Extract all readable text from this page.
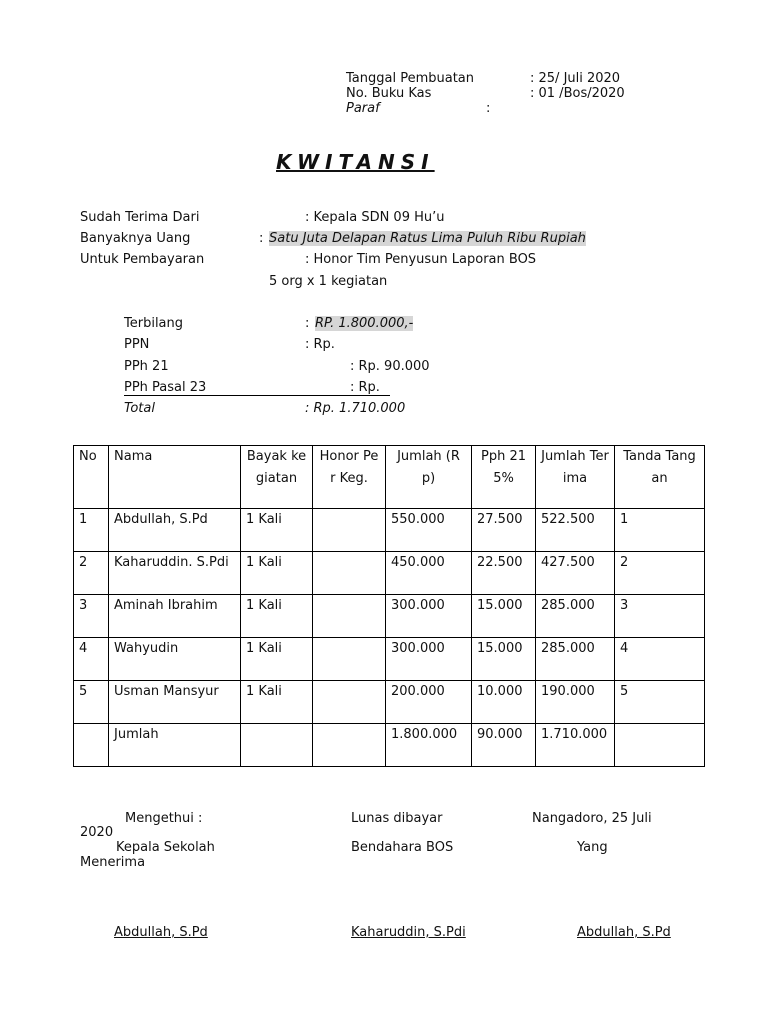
Tanggal Pembuatan	: 25/ Juli 2020
No. Buku Kas	: 01 /Bos/2020
Paraf	:
KWITANSI
Sudah Terima Dari	: Kepala SDN 09 Hu’u
Banyaknya Uang	: Satu Juta Delapan Ratus Lima Puluh Ribu Rupiah
Untuk Pembayaran	: Honor Tim Penyusun Laporan BOS
5 org x 1 kegiatan
Terbilang	: RP. 1.800.000,-
PPN	: Rp.
PPh 21	: Rp. 90.000
PPh Pasal 23	: Rp.
Total	: Rp. 1.710.000
No	Nama	Bayak kegiatan	Honor Per Keg.	Jumlah (Rp)	Pph 21 5%	Jumlah Terima	Tanda Tangan
1	Abdullah, S.Pd	1 Kali		550.000	27.500	522.500	1
2	Kaharuddin. S.Pdi	1 Kali		450.000	22.500	427.500	2
3	Aminah Ibrahim	1 Kali		300.000	15.000	285.000	3
4	Wahyudin	1 Kali		300.000	15.000	285.000	4
5	Usman Mansyur	1 Kali		200.000	10.000	190.000	5
	Jumlah			1.800.000	90.000	1.710.000	
Mengethui :	Lunas dibayar	Nangadoro, 25 Juli
2020
Kepala Sekolah	Bendahara BOS	Yang
Menerima
Abdullah, S.Pd	Kaharuddin, S.Pdi	Abdullah, S.Pd
